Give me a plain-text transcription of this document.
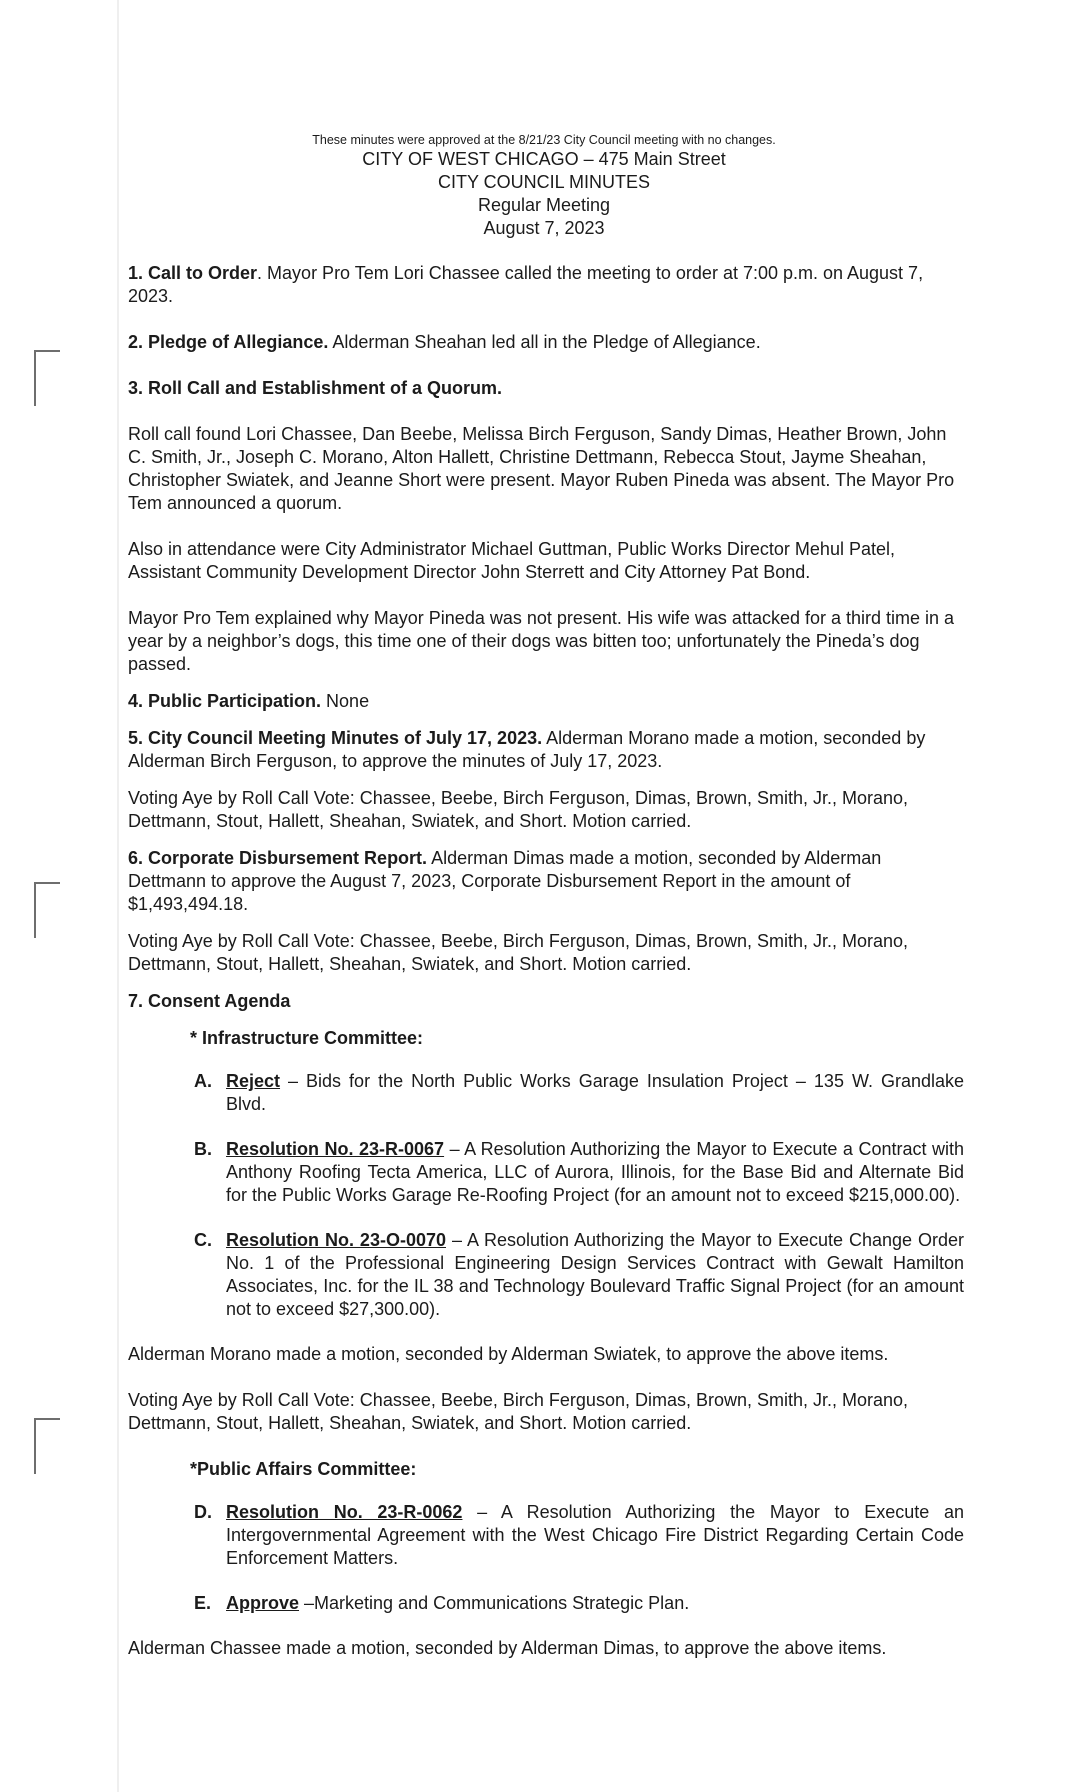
These minutes were approved at the 8/21/23 City Council meeting with no changes.
CITY OF WEST CHICAGO – 475 Main Street
CITY COUNCIL MINUTES
Regular Meeting
August 7, 2023
1. Call to Order. Mayor Pro Tem Lori Chassee called the meeting to order at 7:00 p.m. on August 7, 2023.
2. Pledge of Allegiance. Alderman Sheahan led all in the Pledge of Allegiance.
3. Roll Call and Establishment of a Quorum.
Roll call found Lori Chassee, Dan Beebe, Melissa Birch Ferguson, Sandy Dimas, Heather Brown, John C. Smith, Jr., Joseph C. Morano, Alton Hallett, Christine Dettmann, Rebecca Stout, Jayme Sheahan, Christopher Swiatek, and Jeanne Short were present. Mayor Ruben Pineda was absent. The Mayor Pro Tem announced a quorum.
Also in attendance were City Administrator Michael Guttman, Public Works Director Mehul Patel, Assistant Community Development Director John Sterrett and City Attorney Pat Bond.
Mayor Pro Tem explained why Mayor Pineda was not present. His wife was attacked for a third time in a year by a neighbor’s dogs, this time one of their dogs was bitten too; unfortunately the Pineda’s dog passed.
4. Public Participation. None
5. City Council Meeting Minutes of July 17, 2023. Alderman Morano made a motion, seconded by Alderman Birch Ferguson, to approve the minutes of July 17, 2023.
Voting Aye by Roll Call Vote: Chassee, Beebe, Birch Ferguson, Dimas, Brown, Smith, Jr., Morano, Dettmann, Stout, Hallett, Sheahan, Swiatek, and Short. Motion carried.
6. Corporate Disbursement Report. Alderman Dimas made a motion, seconded by Alderman Dettmann to approve the August 7, 2023, Corporate Disbursement Report in the amount of $1,493,494.18.
Voting Aye by Roll Call Vote: Chassee, Beebe, Birch Ferguson, Dimas, Brown, Smith, Jr., Morano, Dettmann, Stout, Hallett, Sheahan, Swiatek, and Short. Motion carried.
7. Consent Agenda
* Infrastructure Committee:
A. Reject – Bids for the North Public Works Garage Insulation Project – 135 W. Grandlake Blvd.
B. Resolution No. 23-R-0067 – A Resolution Authorizing the Mayor to Execute a Contract with Anthony Roofing Tecta America, LLC of Aurora, Illinois, for the Base Bid and Alternate Bid for the Public Works Garage Re-Roofing Project (for an amount not to exceed $215,000.00).
C. Resolution No. 23-O-0070 – A Resolution Authorizing the Mayor to Execute Change Order No. 1 of the Professional Engineering Design Services Contract with Gewalt Hamilton Associates, Inc. for the IL 38 and Technology Boulevard Traffic Signal Project (for an amount not to exceed $27,300.00).
Alderman Morano made a motion, seconded by Alderman Swiatek, to approve the above items.
Voting Aye by Roll Call Vote: Chassee, Beebe, Birch Ferguson, Dimas, Brown, Smith, Jr., Morano, Dettmann, Stout, Hallett, Sheahan, Swiatek, and Short. Motion carried.
*Public Affairs Committee:
D. Resolution No. 23-R-0062 – A Resolution Authorizing the Mayor to Execute an Intergovernmental Agreement with the West Chicago Fire District Regarding Certain Code Enforcement Matters.
E. Approve –Marketing and Communications Strategic Plan.
Alderman Chassee made a motion, seconded by Alderman Dimas, to approve the above items.
